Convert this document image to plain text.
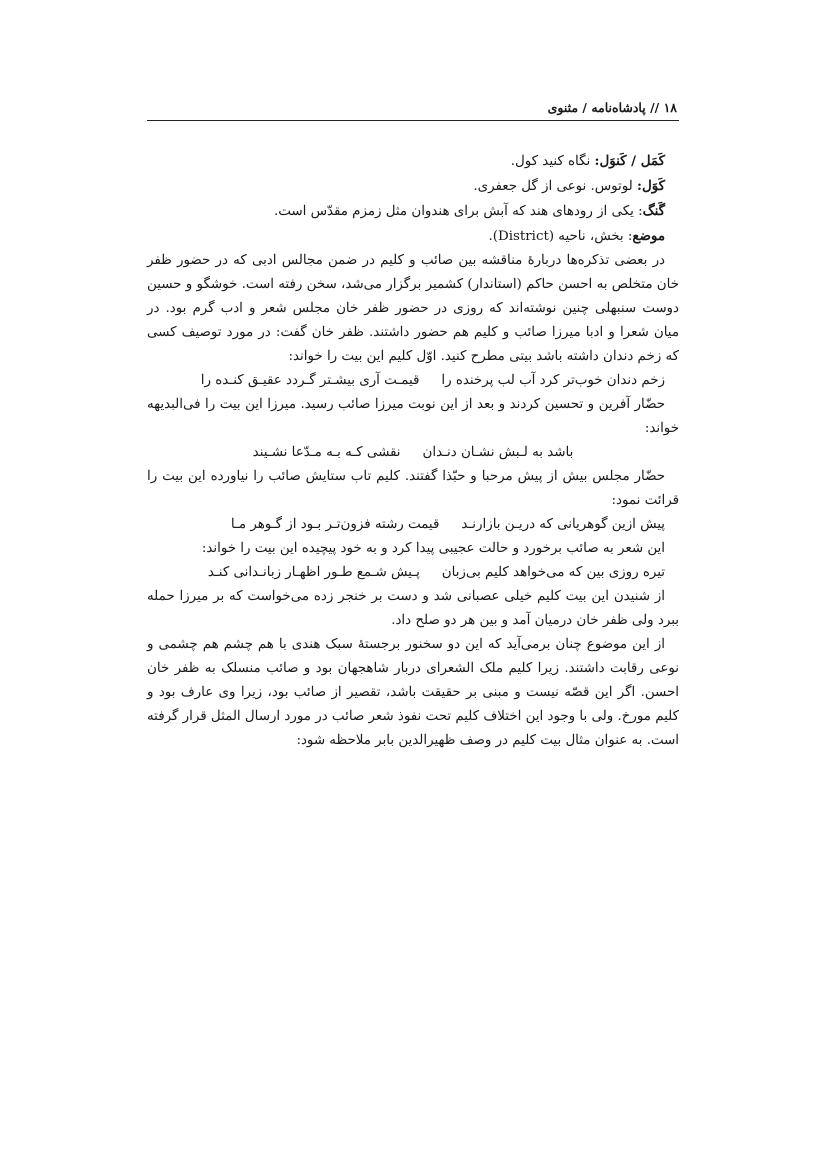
۱۸ // پادشاه‌نامه / مثنوی

کَمَل / کَنوَل: نگاه کنید کول.

کَوَل: لوتوس. نوعی از گل جعفری.

گَنگ: یکی از رودهای هند که آبش برای هندوان مثل زمزم مقدّس است.

موضع: بخش، ناحیه (District).

در بعضی تذکره‌ها دربارهٔ مناقشه بین صائب و کلیم در ضمن مجالس ادبی که در حضور ظفر خان متخلص به احسن حاکم (استاندار) کشمیر برگزار می‌شد، سخن رفته است. خوشگو و حسین دوست سنبهلی چنین نوشته‌اند که روزی در حضور ظفر خان مجلس شعر و ادب گرم بود. در میان شعرا و ادبا میرزا صائب و کلیم هم حضور داشتند. ظفر خان گفت: در مورد توصیف کسی که زخم دندان داشته باشد بیتی مطرح کنید. اوّل کلیم این بیت را خواند:

زخم دندان خوب‌تر کرد آب لب پرخنده راقیمـت آری بیشـتر گـردد عقیـق کنـده را

حضّار آفرین و تحسین کردند و بعد از این نوبت میرزا صائب رسید. میرزا این بیت را فی‌البدیهه خواند:

باشد به لـبش نشـان دنـداننقشی کـه بـه مـدّعا نشـیند

حضّار مجلس بیش از پیش مرحبا و حبّذا گفتند. کلیم تاب ستایش صائب را نیاورده این بیت را قرائت نمود:

پیش ازین گوهریانی که دریـن بازارنـدقیمت رشته فزون‌تـر بـود از گـوهر مـا

این شعر به صائب برخورد و حالت عجیبی پیدا کرد و به خود پیچیده این بیت را خواند:

تیره روزی بین که می‌خواهد کلیم بی‌زبانپـیش شـمع طـور اظهـار زبانـدانی کنـد

از شنیدن این بیت کلیم خیلی عصبانی شد و دست بر خنجر زده می‌خواست که بر میرزا حمله ببرد ولی ظفر خان درمیان آمد و بین هر دو صلح داد.

از این موضوع چنان برمی‌آید که این دو سخنور برجستهٔ سبک هندی با هم چشم هم چشمی و نوعی رقابت داشتند. زیرا کلیم ملک الشعرای دربار شاهجهان بود و صائب منسلک به ظفر خان احسن. اگر این قصّه نیست و مبنی بر حقیقت باشد، تقصیر از صائب بود، زیرا وی عارف بود و کلیم مورخ. ولی با وجود این اختلاف کلیم تحت نفوذ شعر صائب در مورد ارسال المثل قرار گرفته است. به عنوان مثال بیت کلیم در وصف ظهیرالدین بابر ملاحظه شود:
